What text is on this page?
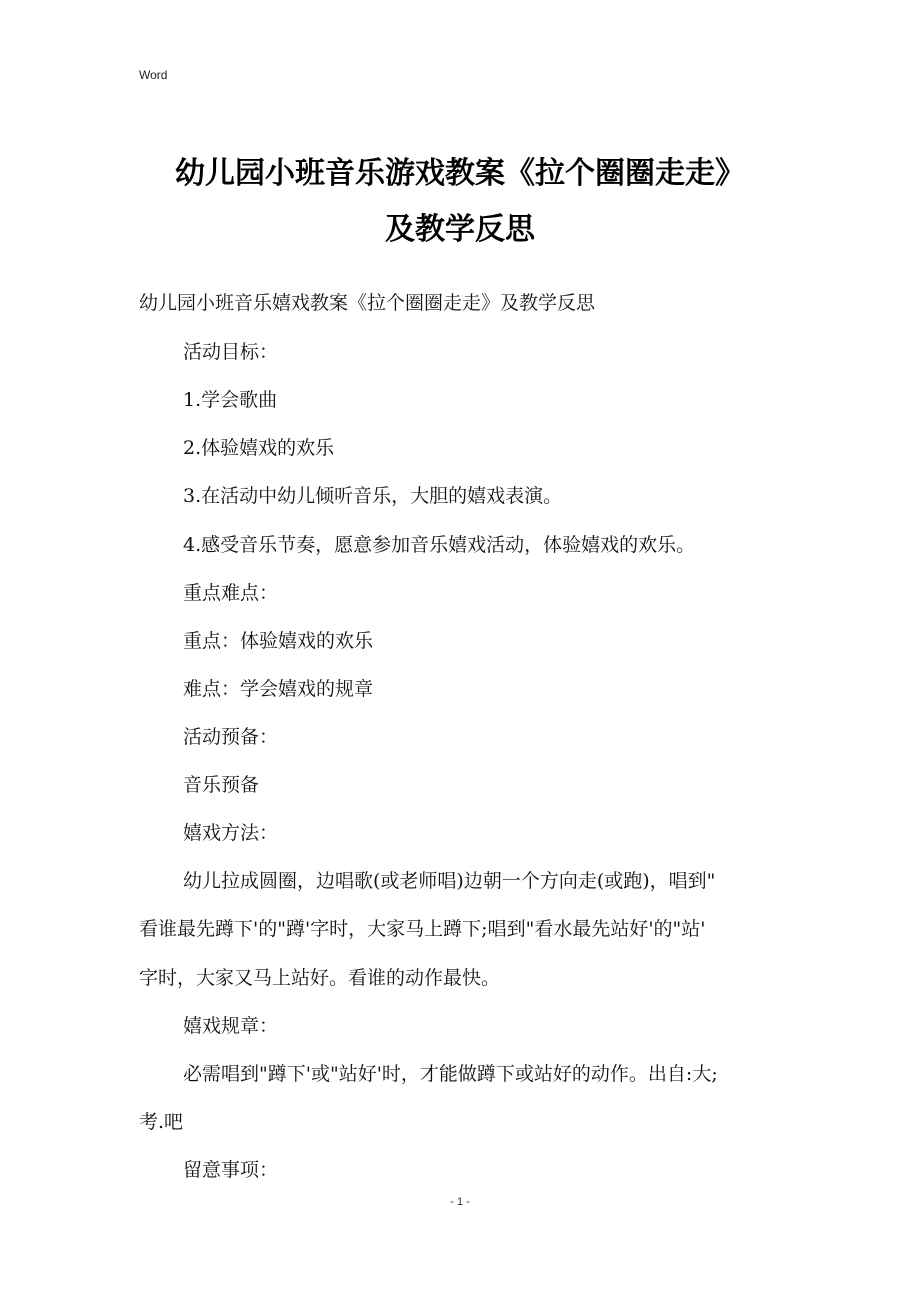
Word
幼儿园小班音乐游戏教案《拉个圈圈走走》
及教学反思
幼儿园小班音乐嬉戏教案《拉个圈圈走走》及教学反思
活动目标：
1.学会歌曲
2.体验嬉戏的欢乐
3.在活动中幼儿倾听音乐，大胆的嬉戏表演。
4.感受音乐节奏，愿意参加音乐嬉戏活动，体验嬉戏的欢乐。
重点难点：
重点：体验嬉戏的欢乐
难点：学会嬉戏的规章
活动预备：
音乐预备
嬉戏方法：
幼儿拉成圆圈，边唱歌(或老师唱)边朝一个方向走(或跑)，唱到"
看谁最先蹲下'的"蹲'字时，大家马上蹲下;唱到"看水最先站好'的"站'
字时，大家又马上站好。看谁的动作最快。
嬉戏规章：
必需唱到"蹲下'或"站好'时，才能做蹲下或站好的动作。出自:大;
考.吧
留意事项：
- 1 -
